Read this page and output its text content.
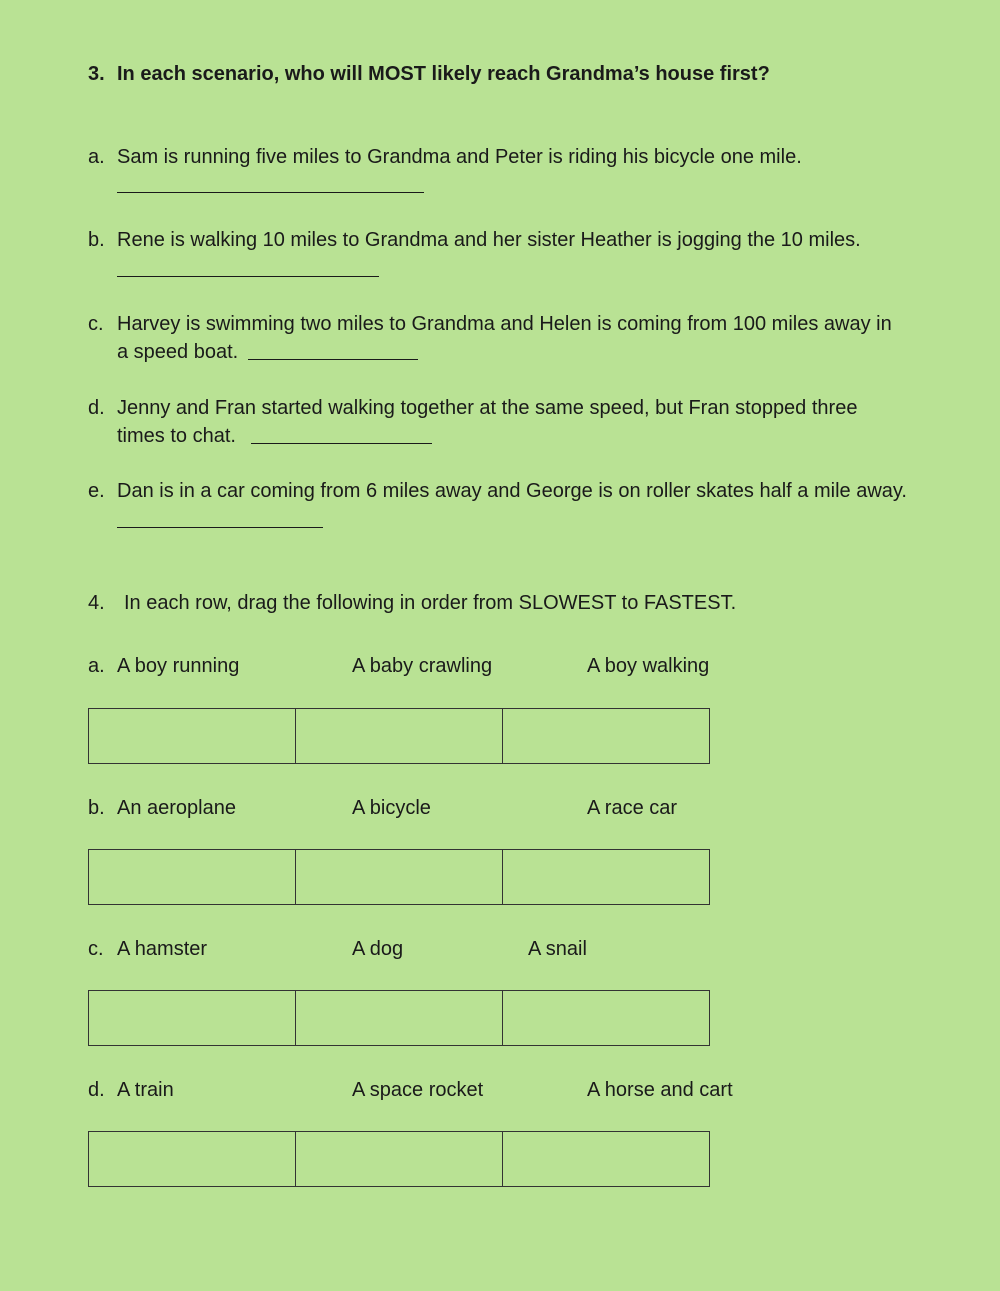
3. In each scenario, who will MOST likely reach Grandma’s house first?
a. Sam is running five miles to Grandma and Peter is riding his bicycle one mile.
b. Rene is walking 10 miles to Grandma and her sister Heather is jogging the 10 miles.
c. Harvey is swimming two miles to Grandma and Helen is coming from 100 miles away in
a speed boat.
d. Jenny and Fran started walking together at the same speed, but Fran stopped three
times to chat.
e. Dan is in a car coming from 6 miles away and George is on roller skates half a mile away.
4. In each row, drag the following in order from SLOWEST to FASTEST.
a. A boy running	A baby crawling	A boy walking
b. An aeroplane	A bicycle	A race car
c. A hamster	A dog	A snail
d. A train	A space rocket	A horse and cart
